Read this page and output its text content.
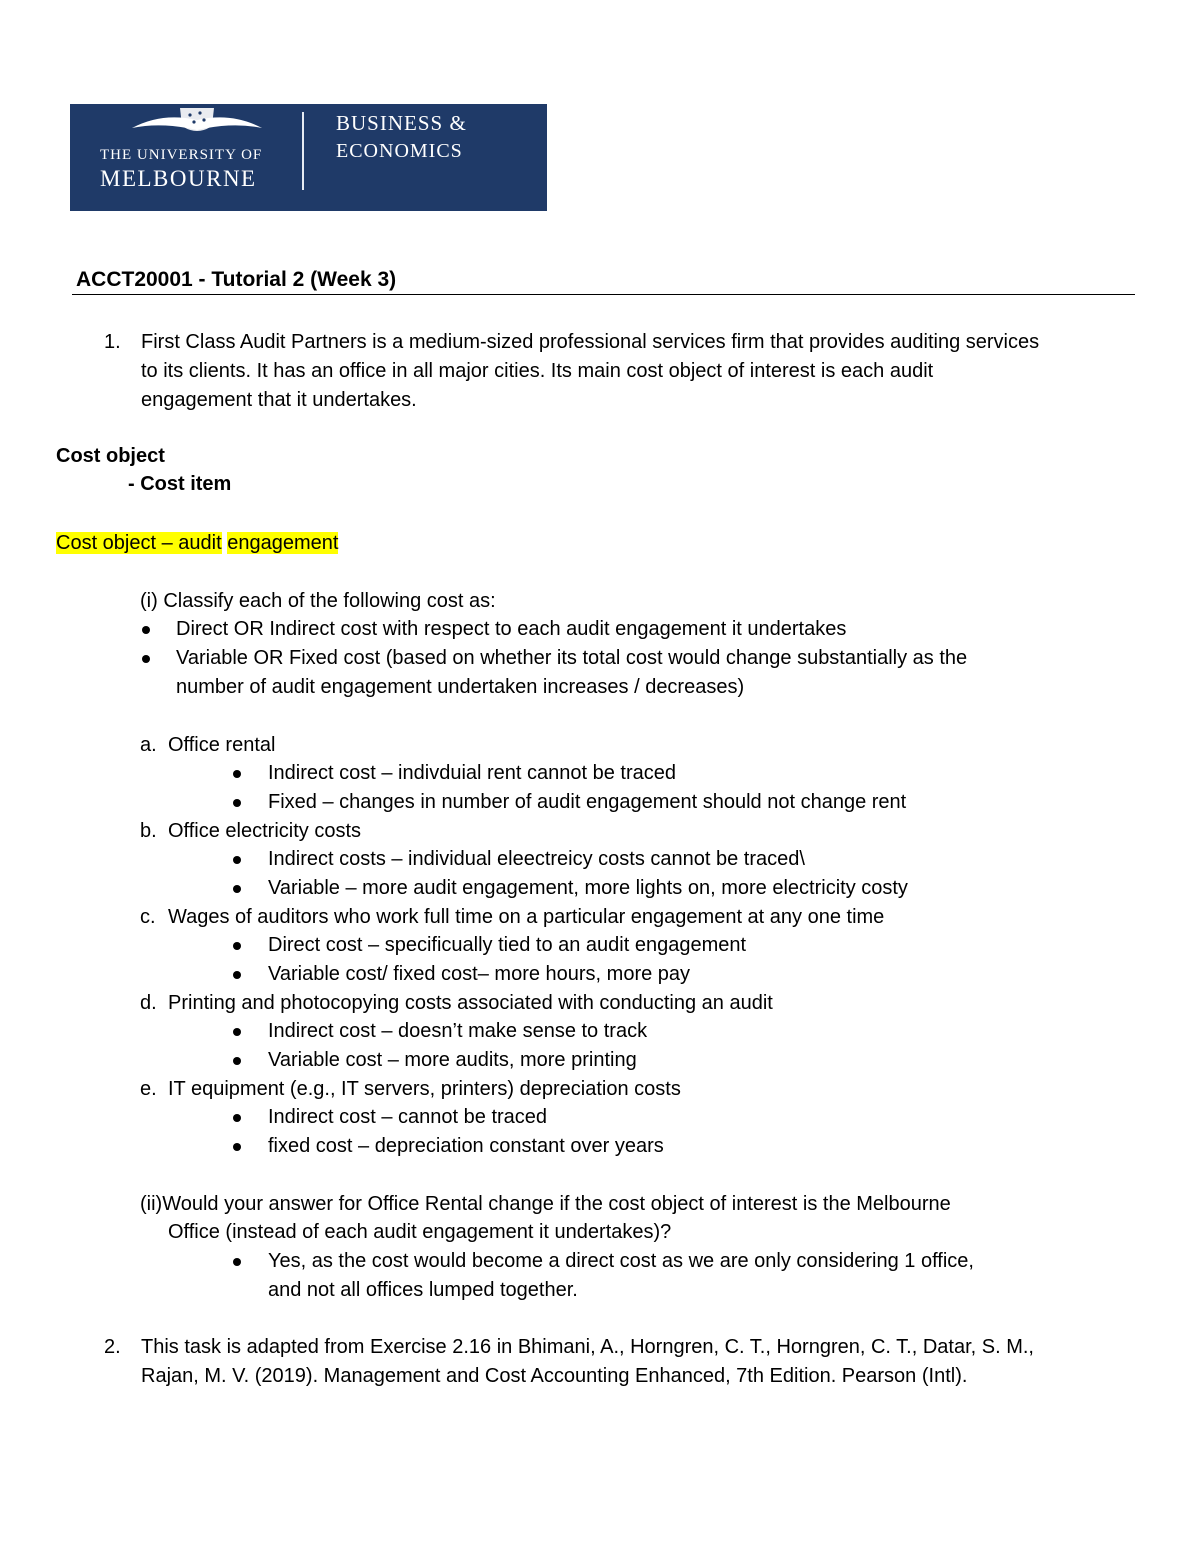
THE UNIVERSITY OF
MELBOURNE
BUSINESS &
ECONOMICS
ACCT20001 - Tutorial 2 (Week 3)
1. First Class Audit Partners is a medium-sized professional services firm that provides auditing services to its clients. It has an office in all major cities. Its main cost object of interest is each audit engagement that it undertakes.
Cost object
- Cost item
Cost object – audit engagement
(i) Classify each of the following cost as:
Direct OR Indirect cost with respect to each audit engagement it undertakes
Variable OR Fixed cost (based on whether its total cost would change substantially as the
number of audit engagement undertaken increases / decreases)
a. Office rental
Indirect cost – indivduial rent cannot be traced
Fixed – changes in number of audit engagement should not change rent
b. Office electricity costs
Indirect costs – individual eleectreicy costs cannot be traced\
Variable – more audit engagement, more lights on, more electricity costy
c. Wages of auditors who work full time on a particular engagement at any one time
Direct cost – specificually tied to an audit engagement
Variable cost/ fixed cost– more hours, more pay
d. Printing and photocopying costs associated with conducting an audit
Indirect cost – doesn’t make sense to track
Variable cost – more audits, more printing
e. IT equipment (e.g., IT servers, printers) depreciation costs
Indirect cost – cannot be traced
fixed cost – depreciation constant over years
(ii)Would your answer for Office Rental change if the cost object of interest is the Melbourne
Office (instead of each audit engagement it undertakes)?
Yes, as the cost would become a direct cost as we are only considering 1 office,
and not all offices lumped together.
2. This task is adapted from Exercise 2.16 in Bhimani, A., Horngren, C. T., Horngren, C. T., Datar, S. M., Rajan, M. V. (2019). Management and Cost Accounting Enhanced, 7th Edition. Pearson (Intl).
